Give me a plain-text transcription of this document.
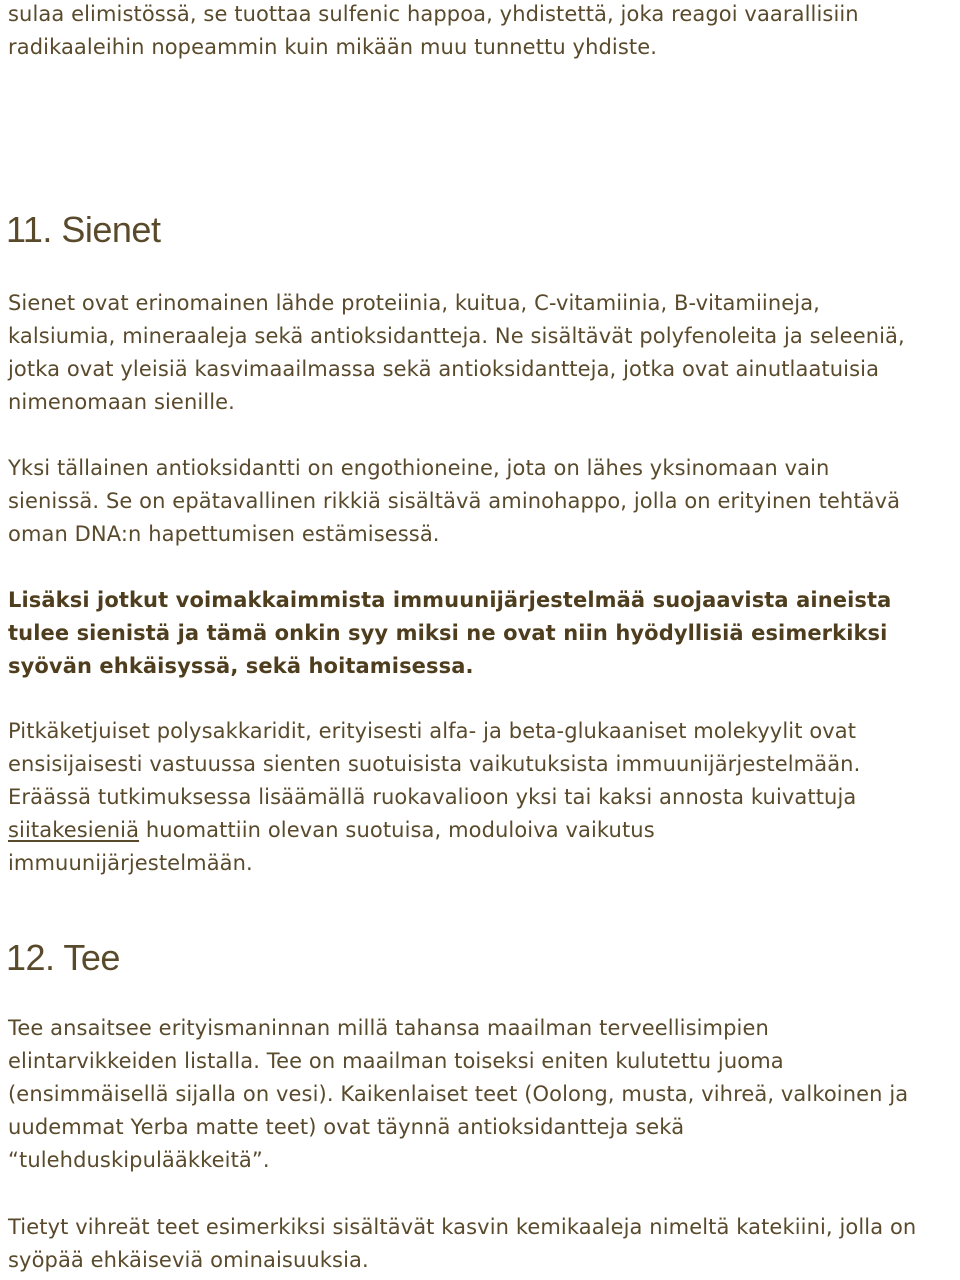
sulaa elimistössä, se tuottaa sulfenic happoa, yhdistettä, joka reagoi vaarallisiin
radikaaleihin nopeammin kuin mikään muu tunnettu yhdiste.

11. Sienet

Sienet ovat erinomainen lähde proteiinia, kuitua, C-vitamiinia, B-vitamiineja,
kalsiumia, mineraaleja sekä antioksidantteja. Ne sisältävät polyfenoleita ja seleeniä,
jotka ovat yleisiä kasvimaailmassa sekä antioksidantteja, jotka ovat ainutlaatuisia
nimenomaan sienille.

Yksi tällainen antioksidantti on engothioneine, jota on lähes yksinomaan vain
sienissä. Se on epätavallinen rikkiä sisältävä aminohappo, jolla on erityinen tehtävä
oman DNA:n hapettumisen estämisessä.

Lisäksi jotkut voimakkaimmista immuunijärjestelmää suojaavista aineista
tulee sienistä ja tämä onkin syy miksi ne ovat niin hyödyllisiä esimerkiksi
syövän ehkäisyssä, sekä hoitamisessa.

Pitkäketjuiset polysakkaridit, erityisesti alfa- ja beta-glukaaniset molekyylit ovat
ensisijaisesti vastuussa sienten suotuisista vaikutuksista immuunijärjestelmään.
Eräässä tutkimuksessa lisäämällä ruokavalioon yksi tai kaksi annosta kuivattuja
siitakesieniä huomattiin olevan suotuisa, moduloiva vaikutus
immuunijärjestelmään.

12. Tee

Tee ansaitsee erityismaninnan millä tahansa maailman terveellisimpien
elintarvikkeiden listalla. Tee on maailman toiseksi eniten kulutettu juoma
(ensimmäisellä sijalla on vesi). Kaikenlaiset teet (Oolong, musta, vihreä, valkoinen ja
uudemmat Yerba matte teet) ovat täynnä antioksidantteja sekä
“tulehduskipulääkkeitä”.

Tietyt vihreät teet esimerkiksi sisältävät kasvin kemikaaleja nimeltä katekiini, jolla on
syöpää ehkäiseviä ominaisuuksia.
